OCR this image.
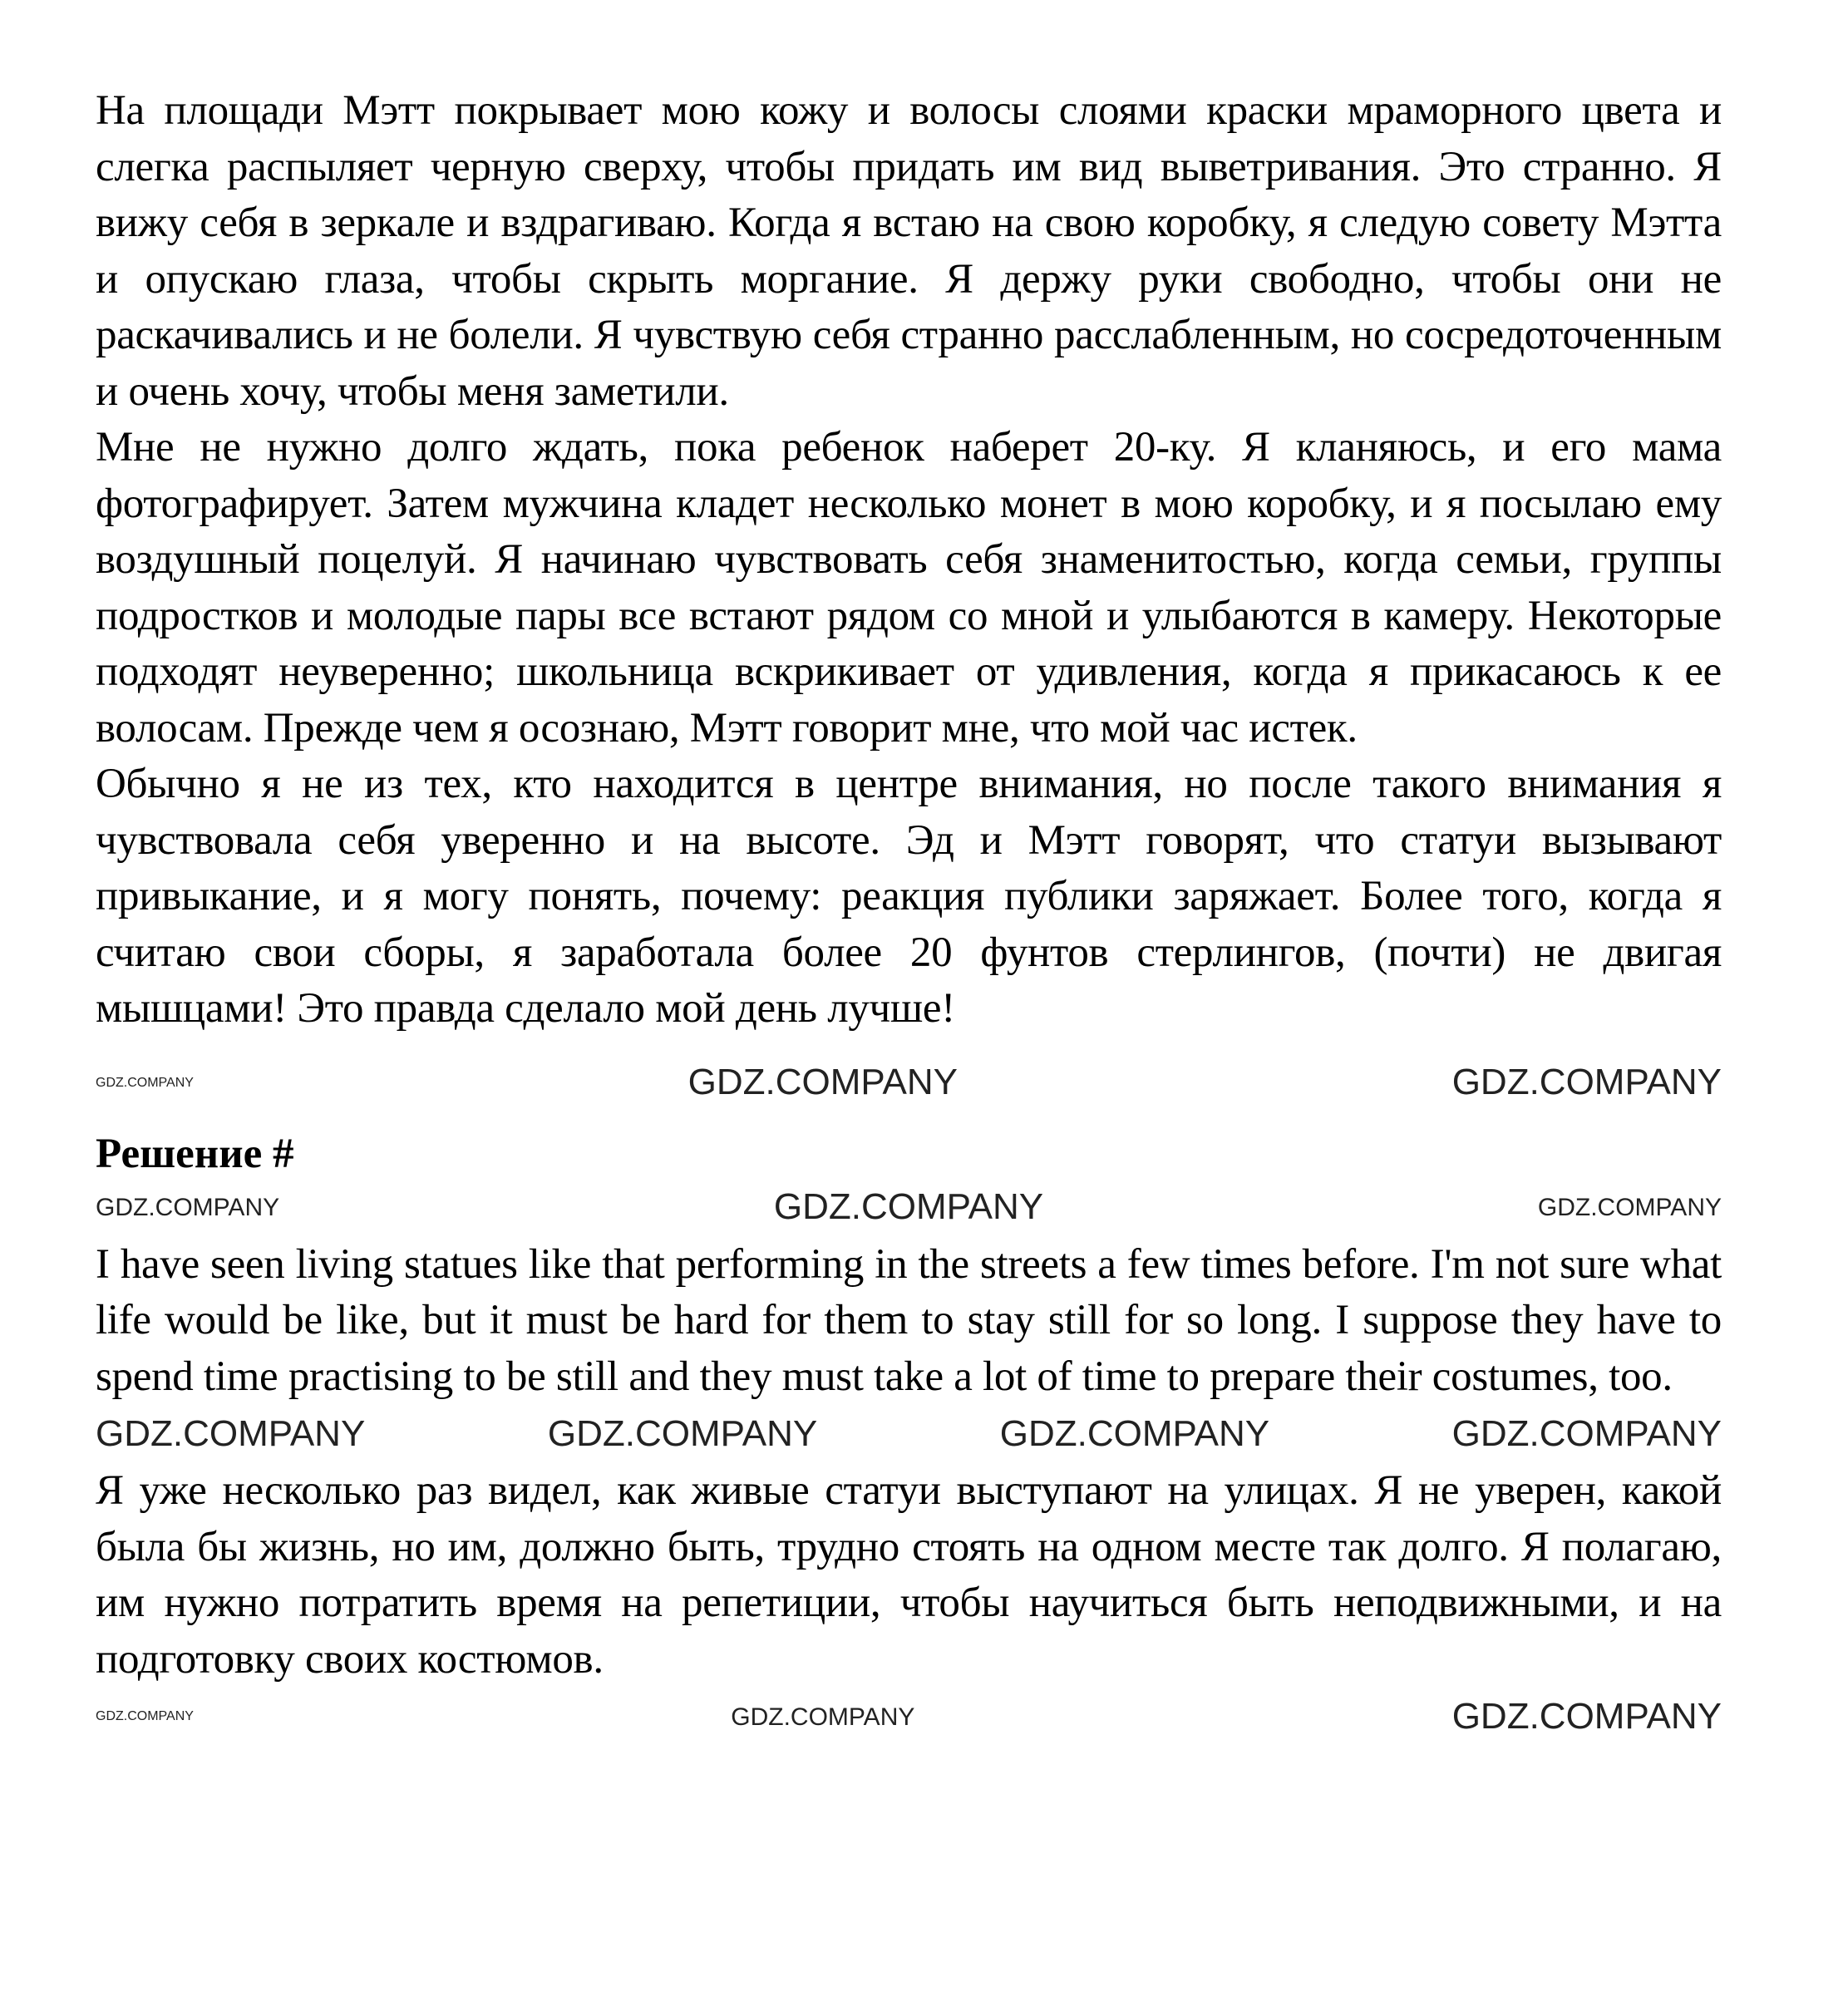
На площади Мэтт покрывает мою кожу и волосы слоями краски мраморного цвета и слегка распыляет черную сверху, чтобы придать им вид выветривания. Это странно. Я вижу себя в зеркале и вздрагиваю. Когда я встаю на свою коробку, я следую совету Мэтта и опускаю глаза, чтобы скрыть моргание. Я держу руки свободно, чтобы они не раскачивались и не болели. Я чувствую себя странно расслабленным, но сосредоточенным и очень хочу, чтобы меня заметили.

Мне не нужно долго ждать, пока ребенок наберет 20-ку. Я кланяюсь, и его мама фотографирует. Затем мужчина кладет несколько монет в мою коробку, и я посылаю ему воздушный поцелуй. Я начинаю чувствовать себя знаменитостью, когда семьи, группы подростков и молодые пары все встают рядом со мной и улыбаются в камеру. Некоторые подходят неуверенно; школьница вскрикивает от удивления, когда я прикасаюсь к ее волосам. Прежде чем я осознаю, Мэтт говорит мне, что мой час истек.

Обычно я не из тех, кто находится в центре внимания, но после такого внимания я чувствовала себя уверенно и на высоте. Эд и Мэтт говорят, что статуи вызывают привыкание, и я могу понять, почему: реакция публики заряжает. Более того, когда я считаю свои сборы, я заработала более 20 фунтов стерлингов, (почти) не двигая мышцами! Это правда сделало мой день лучше!

GDZ.COMPANY	GDZ.COMPANY	GDZ.COMPANY
Решение #
GDZ.COMPANY	GDZ.COMPANY	GDZ.COMPANY

I have seen living statues like that performing in the streets a few times before. I'm not sure what life would be like, but it must be hard for them to stay still for so long. I suppose they have to spend time practising to be still and they must take a lot of time to prepare their costumes, too.

GDZ.COMPANY	GDZ.COMPANY	GDZ.COMPANY	GDZ.COMPANY

Я уже несколько раз видел, как живые статуи выступают на улицах. Я не уверен, какой была бы жизнь, но им, должно быть, трудно стоять на одном месте так долго. Я полагаю, им нужно потратить время на репетиции, чтобы научиться быть неподвижными, и на подготовку своих костюмов.

GDZ.COMPANY	GDZ.COMPANY	GDZ.COMPANY
